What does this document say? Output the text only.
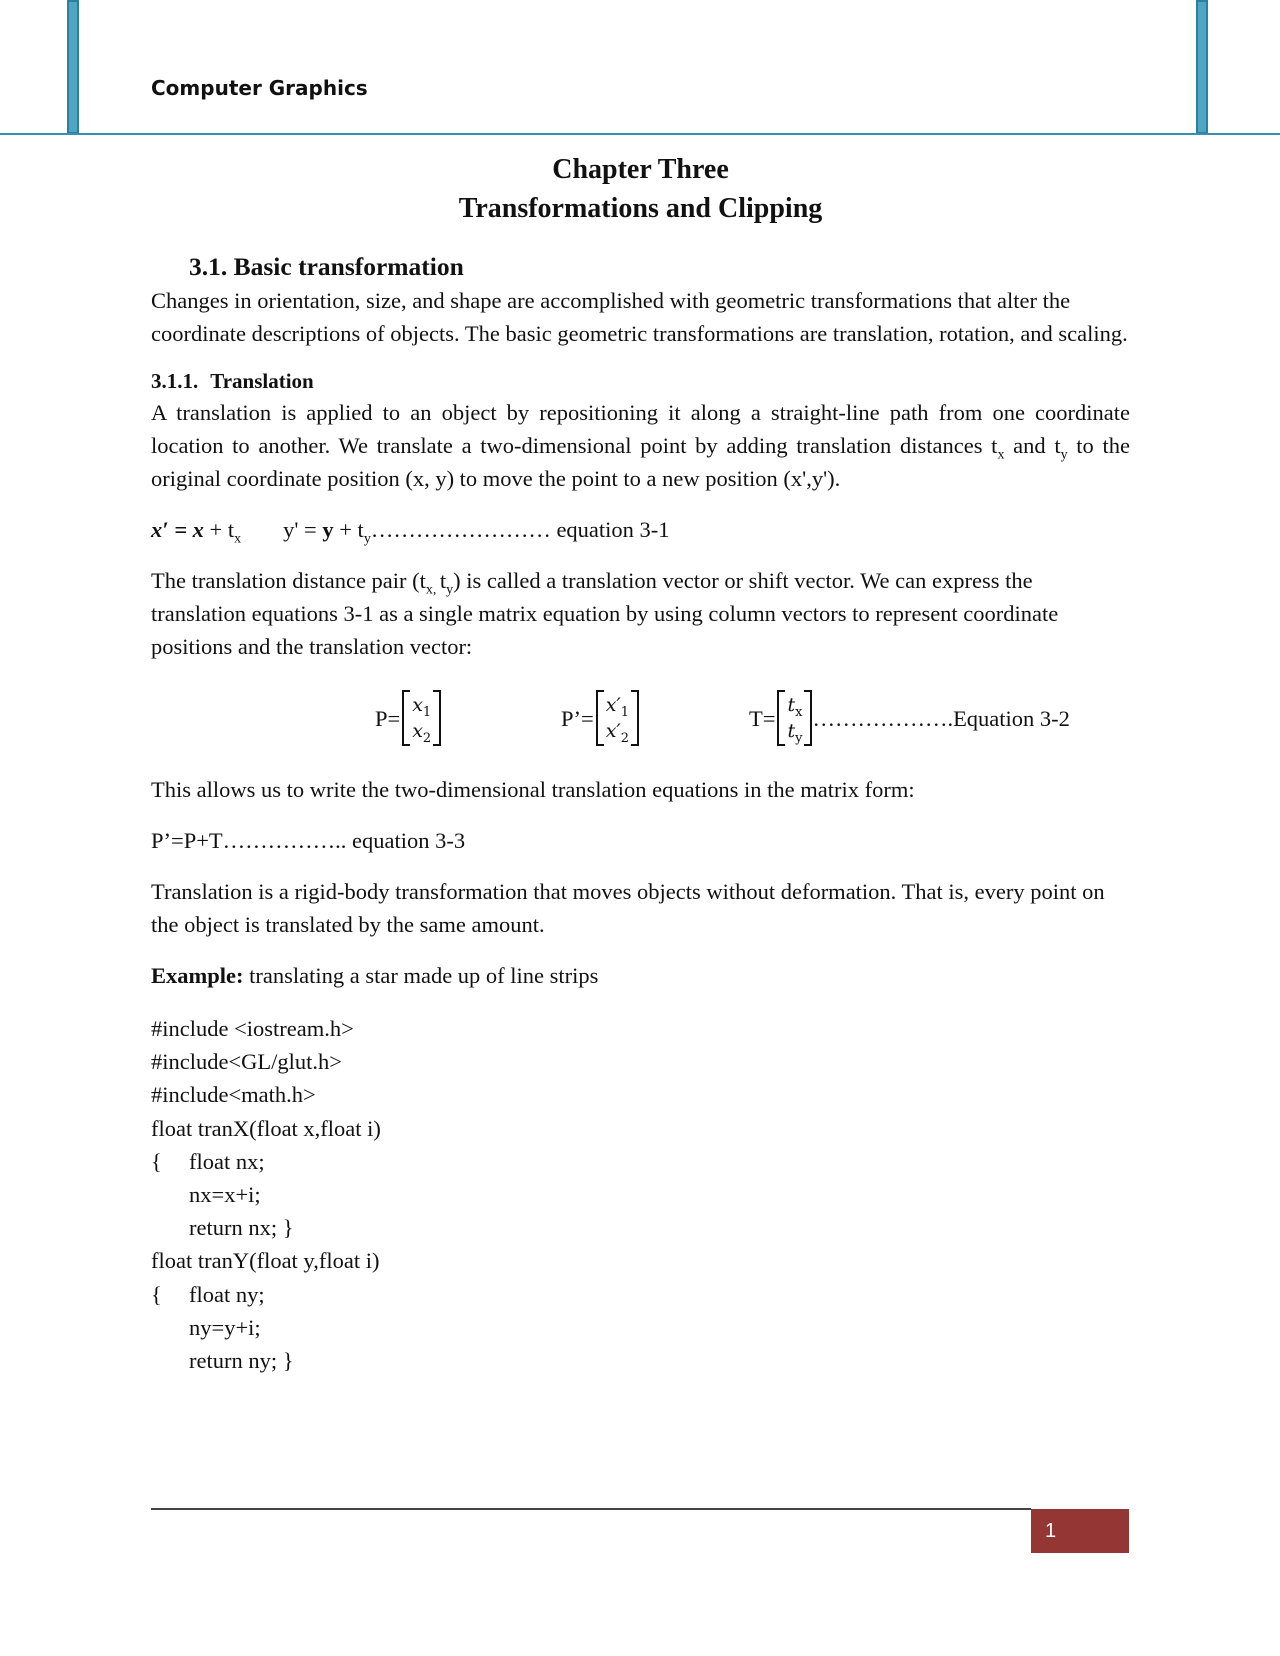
Computer Graphics
Chapter Three
Transformations and Clipping
3.1. Basic transformation

Changes in orientation, size, and shape are accomplished with geometric transformations that alter the coordinate descriptions of objects. The basic geometric transformations are translation, rotation, and scaling.

3.1.1. Translation

A translation is applied to an object by repositioning it along a straight-line path from one coordinate location to another. We translate a two-dimensional point by adding translation distances $t_x$ and $t_y$ to the original coordinate position (x, y) to move the point to a new position (x',y').

$x' = x + t_x$ $y' = y + t_y\dots\dots\dots\dots\dots\dots\dots\dots$ equation 3-1

The translation distance pair ($t_{x,}$ $t_y$) is called a translation vector or shift vector. We can express the translation equations 3-1 as a single matrix equation by using column vectors to represent coordinate positions and the translation vector:

P=
$x_1$
$x_2$
P’=
$x'_1$
$x'_2$
T=
$t_x$
$t_y$
………………. Equation 3-2

This allows us to write the two-dimensional translation equations in the matrix form:

P’=P+T…………….. equation 3-3

Translation is a rigid-body transformation that moves objects without deformation. That is, every point on the object is translated by the same amount.

Example: translating a star made up of line strips

#include <iostream.h>
#include<GL/glut.h>
#include<math.h>
float tranX(float x,float i)
{ float nx;
nx=x+i;
return nx; }
float tranY(float y,float i)
{ float ny;
ny=y+i;
return ny; }
1
